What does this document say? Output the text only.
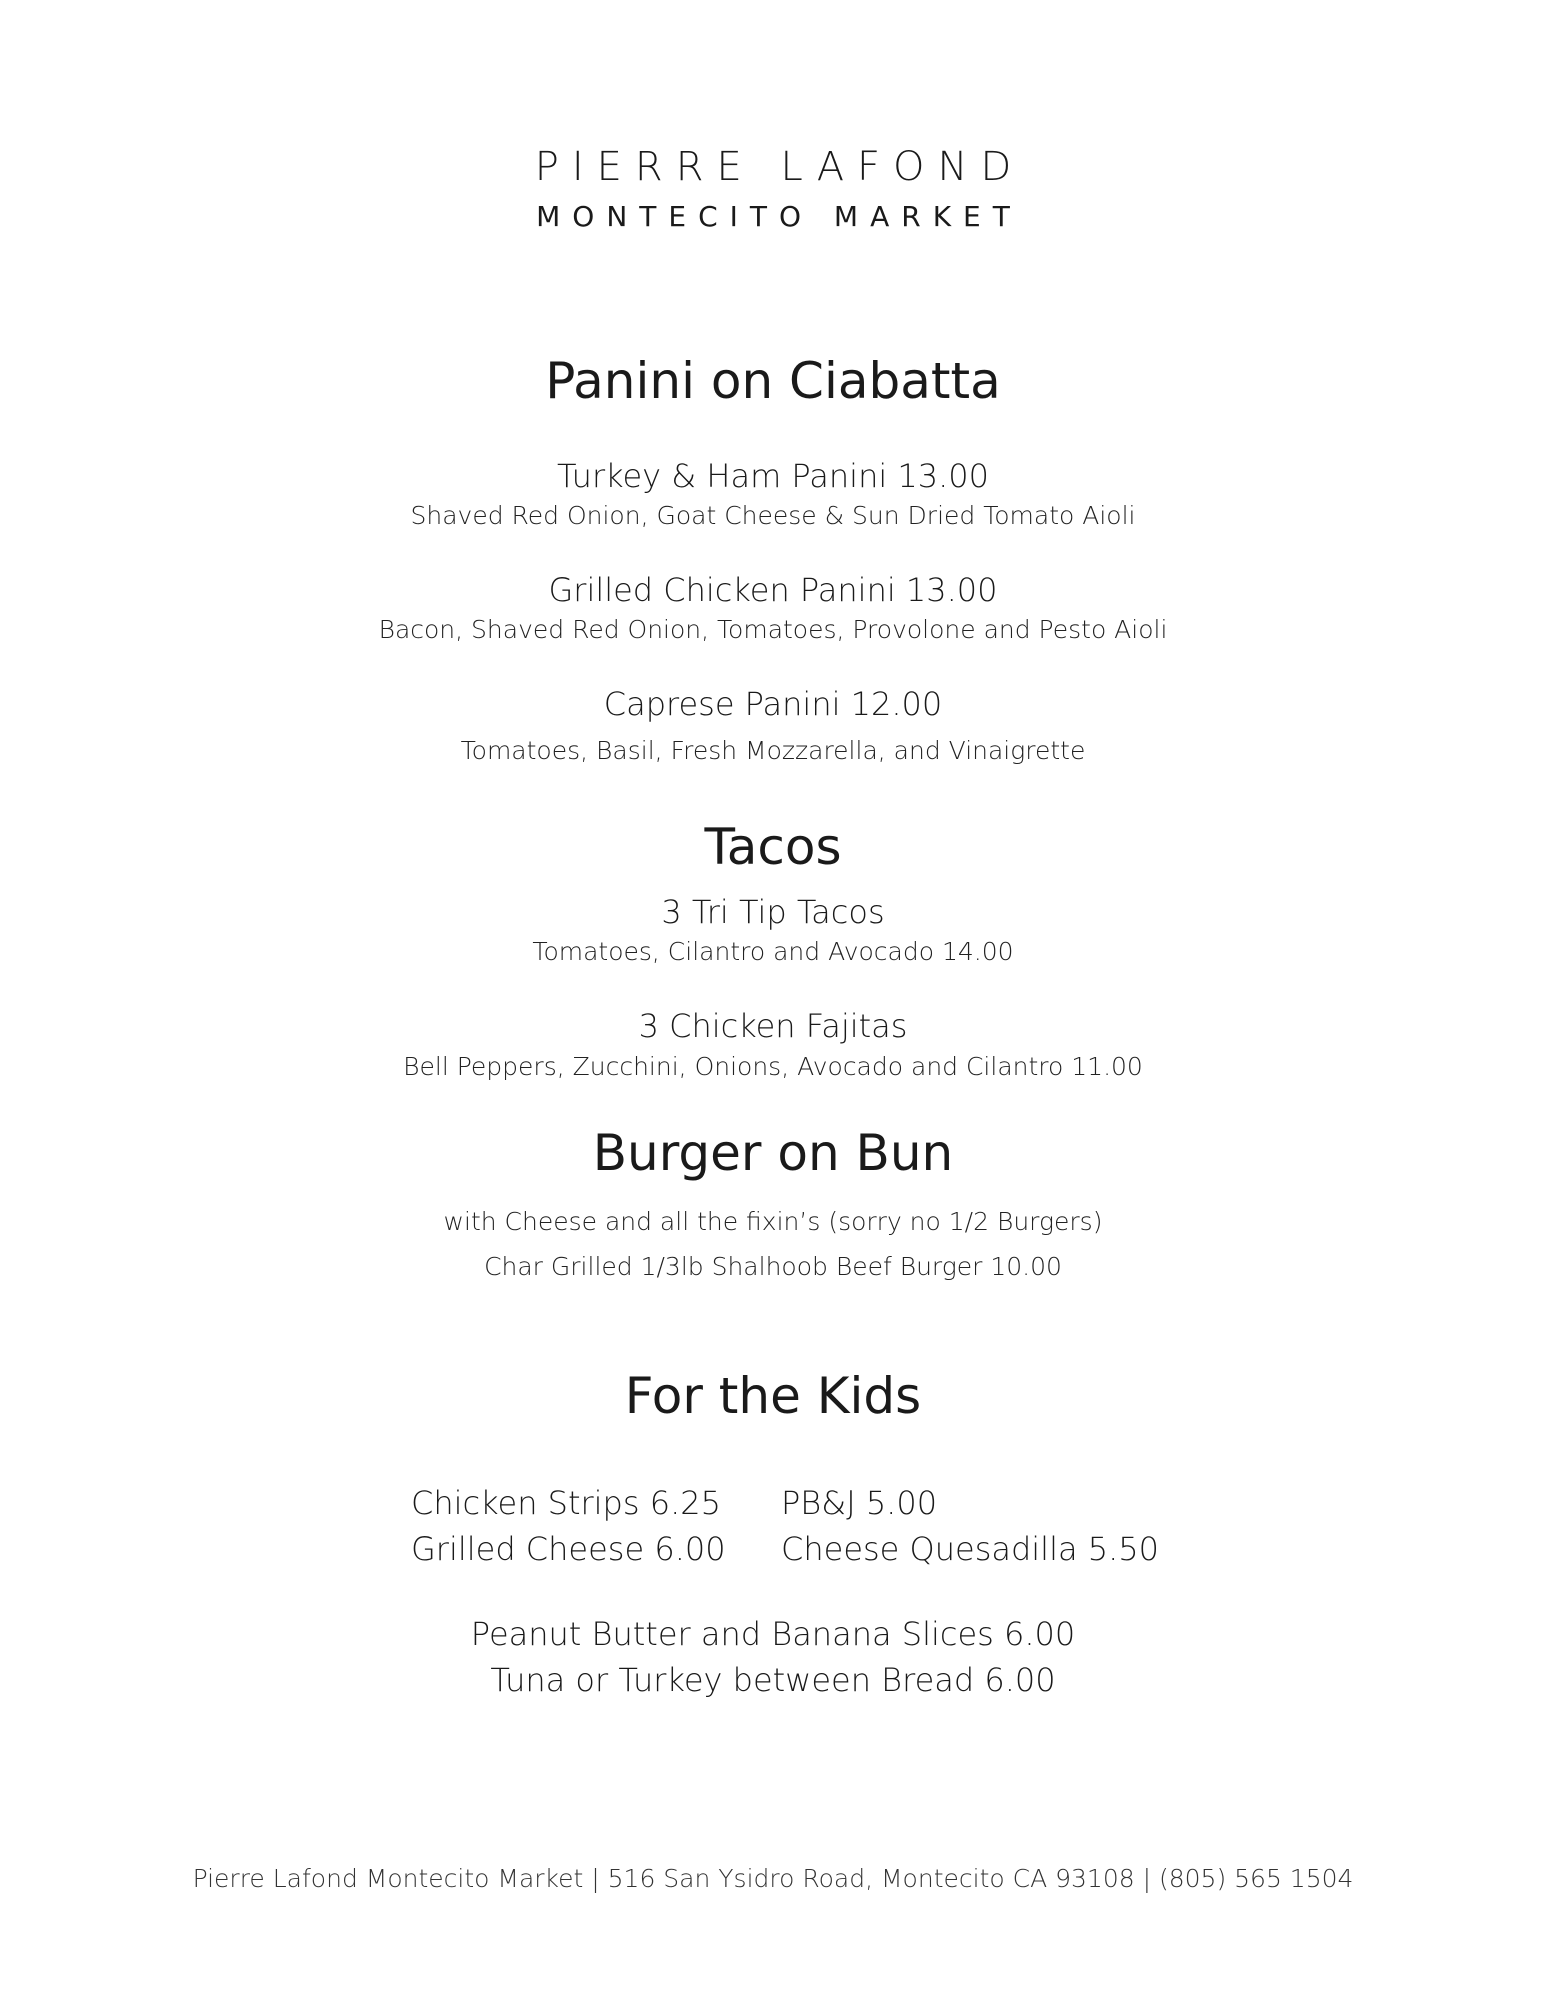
PIERRE LAFOND
MONTECITO MARKET
Panini on Ciabatta
Turkey & Ham Panini 13.00
Shaved Red Onion, Goat Cheese & Sun Dried Tomato Aioli
Grilled Chicken Panini 13.00
Bacon, Shaved Red Onion, Tomatoes, Provolone and Pesto Aioli
Caprese Panini 12.00
Tomatoes, Basil, Fresh Mozzarella, and Vinaigrette
Tacos
3 Tri Tip Tacos
Tomatoes, Cilantro and Avocado 14.00
3 Chicken Fajitas
Bell Peppers, Zucchini, Onions, Avocado and Cilantro 11.00
Burger on Bun
with Cheese and all the fixin’s (sorry no 1/2 Burgers)
Char Grilled 1/3lb Shalhoob Beef Burger 10.00
For the Kids
Chicken Strips 6.25
Grilled Cheese 6.00
PB&J 5.00
Cheese Quesadilla 5.50
Peanut Butter and Banana Slices 6.00
Tuna or Turkey between Bread 6.00
Pierre Lafond Montecito Market | 516 San Ysidro Road, Montecito CA 93108 | (805) 565 1504
